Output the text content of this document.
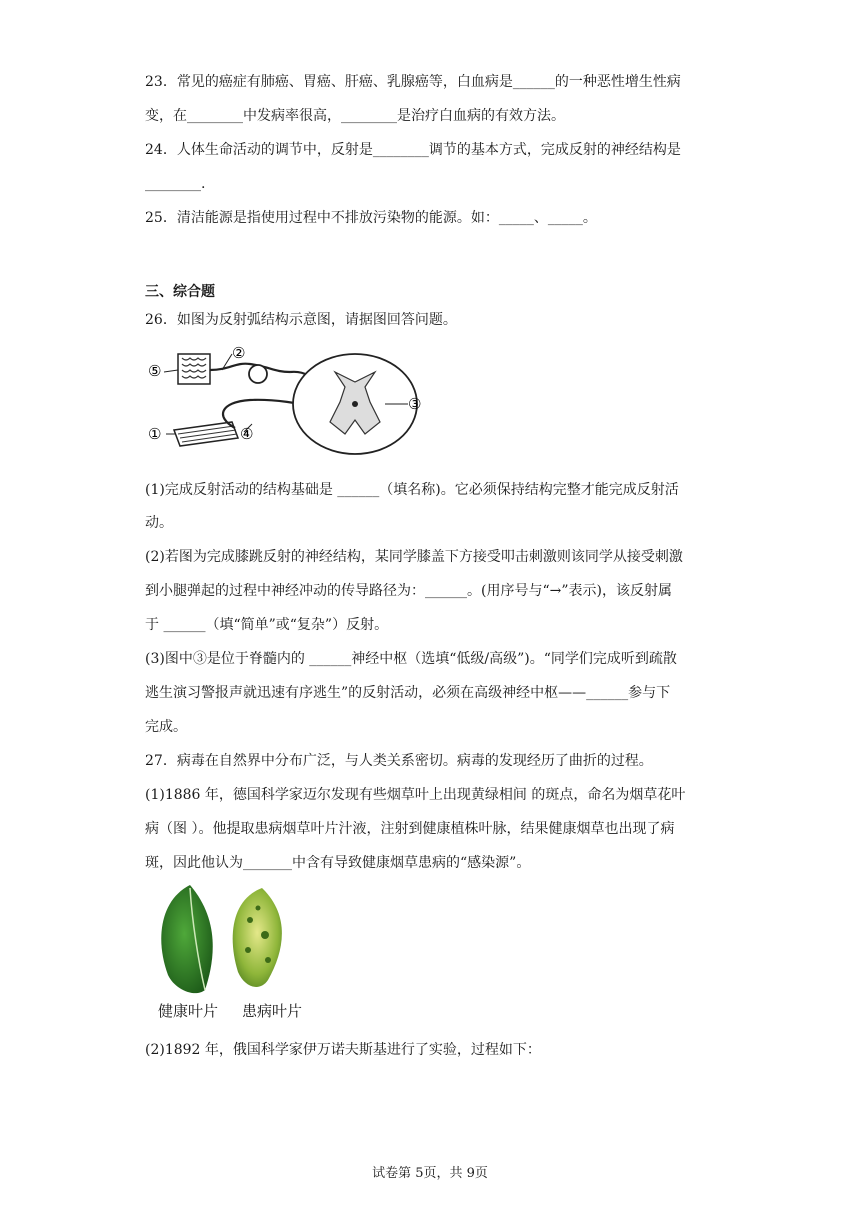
23．常见的癌症有肺癌、胃癌、肝癌、乳腺癌等，白血病是______的一种恶性增生性病
变，在________中发病率很高，________是治疗白血病的有效方法。
24．人体生命活动的调节中，反射是________调节的基本方式，完成反射的神经结构是
________.
25．清洁能源是指使用过程中不排放污染物的能源。如：_____、_____。
三、综合题
26．如图为反射弧结构示意图，请据图回答问题。
⑤
②
③
①	④
(1)完成反射活动的结构基础是 ______（填名称)。它必须保持结构完整才能完成反射活
动。
(2)若图为完成膝跳反射的神经结构，某同学膝盖下方接受叩击刺激则该同学从接受刺激
到小腿弹起的过程中神经冲动的传导路径为：______。(用序号与“→”表示)，该反射属
于 ______（填“简单”或“复杂”）反射。
(3)图中③是位于脊髓内的 ______神经中枢（选填“低级/高级”)。“同学们完成听到疏散
逃生演习警报声就迅速有序逃生”的反射活动，必须在高级神经中枢——______参与下
完成。
27．病毒在自然界中分布广泛，与人类关系密切。病毒的发现经历了曲折的过程。
(1)1886 年，德国科学家迈尔发现有些烟草叶上出现黄绿相间 的斑点，命名为烟草花叶
病（图 ）。他提取患病烟草叶片汁液，注射到健康植株叶脉，结果健康烟草也出现了病
斑，因此他认为_______中含有导致健康烟草患病的“感染源”。
健康叶片 患病叶片
(2)1892 年，俄国科学家伊万诺夫斯基进行了实验，过程如下：
试卷第 5页，共 9页
